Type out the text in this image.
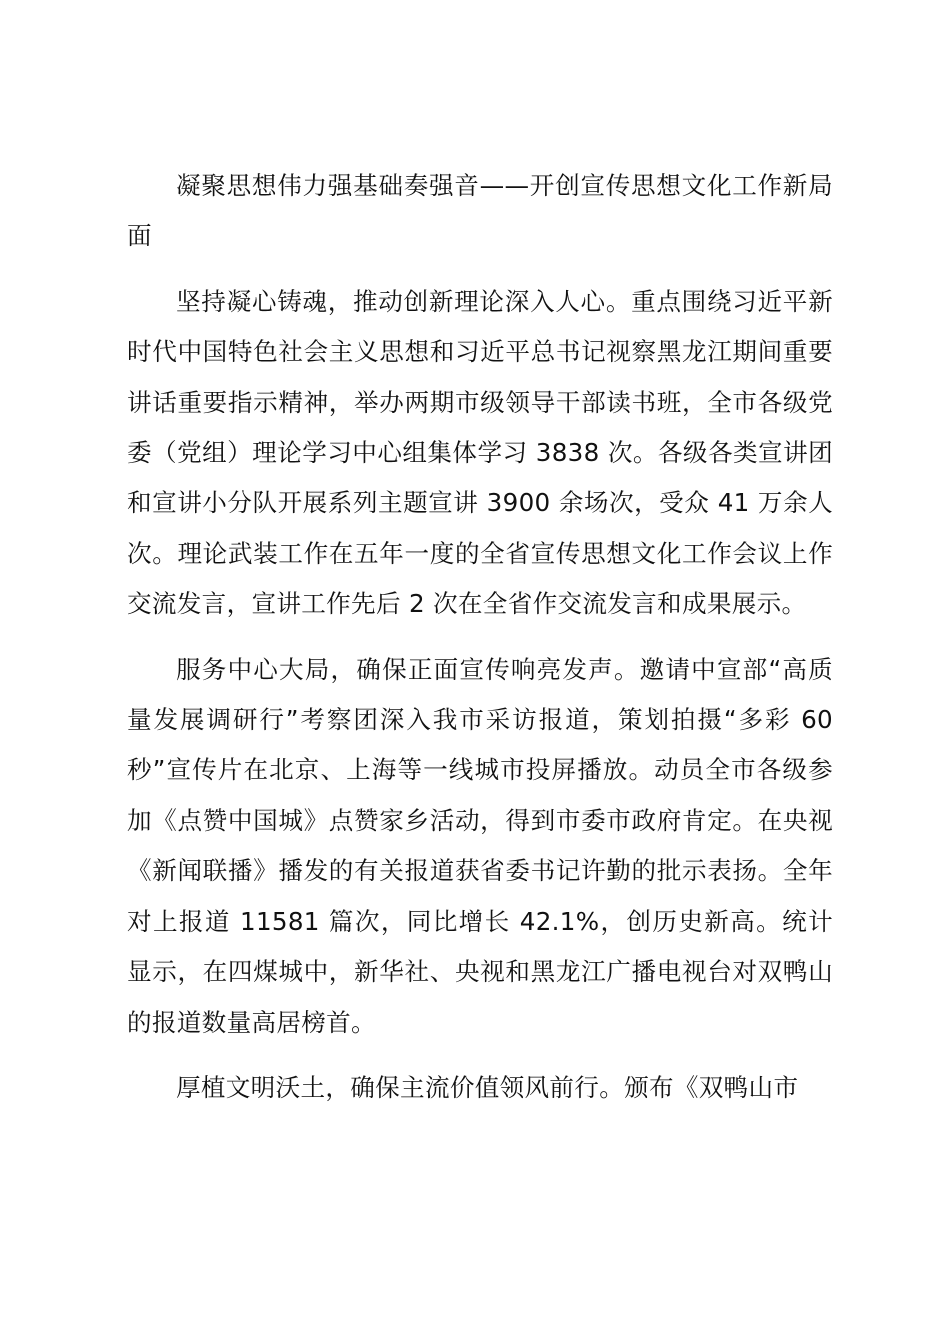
凝聚思想伟力强基础奏强音——开创宣传思想文化工作新局面

坚持凝心铸魂，推动创新理论深入人心。重点围绕习近平新时代中国特色社会主义思想和习近平总书记视察黑龙江期间重要讲话重要指示精神，举办两期市级领导干部读书班，全市各级党委（党组）理论学习中心组集体学习 3838 次。各级各类宣讲团和宣讲小分队开展系列主题宣讲 3900 余场次，受众 41 万余人次。理论武装工作在五年一度的全省宣传思想文化工作会议上作交流发言，宣讲工作先后 2 次在全省作交流发言和成果展示。

服务中心大局，确保正面宣传响亮发声。邀请中宣部“高质量发展调研行”考察团深入我市采访报道，策划拍摄“多彩 60 秒”宣传片在北京、上海等一线城市投屏播放。动员全市各级参加《点赞中国城》点赞家乡活动，得到市委市政府肯定。在央视《新闻联播》播发的有关报道获省委书记许勤的批示表扬。全年对上报道 11581 篇次，同比增长 42.1%，创历史新高。统计显示，在四煤城中，新华社、央视和黑龙江广播电视台对双鸭山的报道数量高居榜首。

厚植文明沃土，确保主流价值领风前行。颁布《双鸭山市
